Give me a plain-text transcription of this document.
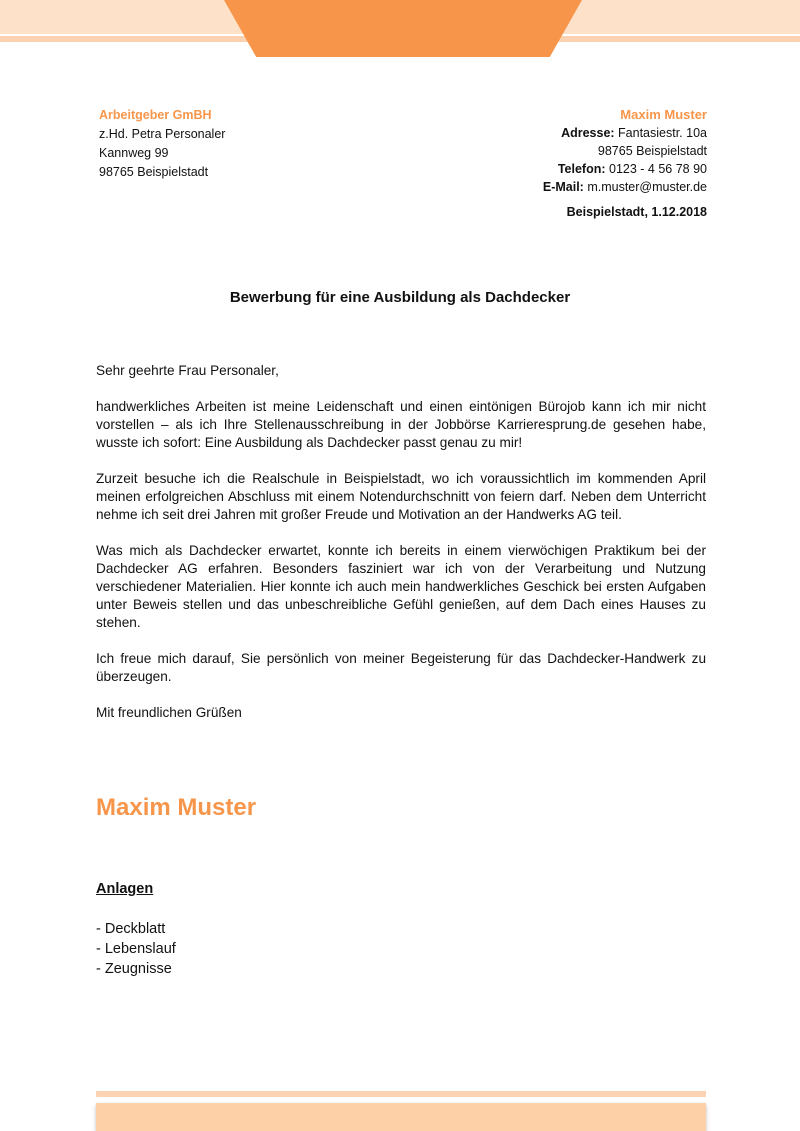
Arbeitgeber GmBH
z.Hd. Petra Personaler
Kannweg 99
98765 Beispielstadt
Maxim Muster
Adresse: Fantasiestr. 10a
98765 Beispielstadt
Telefon: 0123 - 4 56 78 90
E-Mail: m.muster@muster.de
Beispielstadt, 1.12.2018
Bewerbung für eine Ausbildung als Dachdecker

Sehr geehrte Frau Personaler,

handwerkliches Arbeiten ist meine Leidenschaft und einen eintönigen Bürojob kann ich mir nicht vorstellen – als ich Ihre Stellenausschreibung in der Jobbörse Karrieresprung.de gesehen habe, wusste ich sofort: Eine Ausbildung als Dachdecker passt genau zu mir!

Zurzeit besuche ich die Realschule in Beispielstadt, wo ich voraussichtlich im kommenden April meinen erfolgreichen Abschluss mit einem Notendurchschnitt von feiern darf. Neben dem Unterricht nehme ich seit drei Jahren mit großer Freude und Motivation an der Handwerks AG teil.

Was mich als Dachdecker erwartet, konnte ich bereits in einem vierwöchigen Praktikum bei der Dachdecker AG erfahren. Besonders fasziniert war ich von der Verarbeitung und Nutzung verschiedener Materialien. Hier konnte ich auch mein handwerkliches Geschick bei ersten Aufgaben unter Beweis stellen und das unbeschreibliche Gefühl genießen, auf dem Dach eines Hauses zu stehen.

Ich freue mich darauf, Sie persönlich von meiner Begeisterung für das Dachdecker-Handwerk zu überzeugen.

Mit freundlichen Grüßen

Maxim Muster
Anlagen
- Deckblatt
- Lebenslauf
- Zeugnisse
